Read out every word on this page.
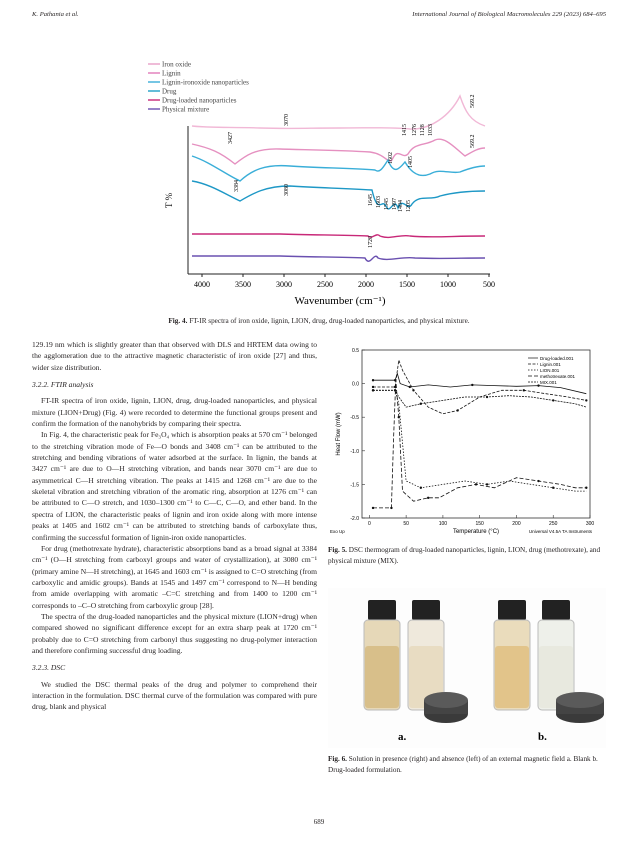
K. Pathania et al.	International Journal of Biological Macromolecules 229 (2023) 684–695
Iron oxide
Lignin
Lignin-ironoxide nanoparticles
Drug
Drug-loaded nanoparticles
Physical mixture
569.2
3427
3070
1415 1276 1128 1033
569.2
1602 1405
3384	3080
1645 1603 1545 1497 1404 1205
1720
4000	3500	3000	2500	2000	1500	1000	500
T %
Wavenumber (cm⁻¹)
Fig. 4. FT-IR spectra of iron oxide, lignin, LION, drug, drug-loaded nanoparticles, and physical mixture.

129.19 nm which is slightly greater than that observed with DLS and HRTEM data owing to the agglomeration due to the attractive magnetic characteristic of iron oxide [27] and thus, wider size distribution.

3.2.2. FTIR analysis

FT-IR spectra of iron oxide, lignin, LION, drug, drug-loaded nanoparticles, and physical mixture (LION+Drug) (Fig. 4) were recorded to determine the functional groups present and confirm the formation of the nanohybrids by comparing their spectra.

In Fig. 4, the characteristic peak for Fe₃O₄ which is absorption peaks at 570 cm⁻¹ belonged to the stretching vibration mode of Fe—O bonds and 3408 cm⁻¹ can be attributed to the stretching and bending vibrations of water adsorbed at the surface. In lignin, the bands at 3427 cm⁻¹ are due to O—H stretching vibration, and bands near 3070 cm⁻¹ are due to asymmetrical C—H stretching vibration. The peaks at 1415 and 1268 cm⁻¹ are due to the skeletal vibration and stretching vibration of the aromatic ring, absorption at 1276 cm⁻¹ can be attributed to C—O stretch, and 1030–1300 cm⁻¹ to C—C, C—O, and ether band. In the spectra of LION, the characteristic peaks of lignin and iron oxide along with more intense peaks at 1405 and 1602 cm⁻¹ can be attributed to stretching bands of carboxylate thus, confirming the successful formation of lignin-iron oxide nanoparticles.

For drug (methotrexate hydrate), characteristic absorptions band as a broad signal at 3384 cm⁻¹ (O—H stretching from carboxyl groups and water of crystallization), at 3080 cm⁻¹ (primary amine N—H stretching), at 1645 and 1603 cm⁻¹ is assigned to C=O stretching (from carboxylic and amidic groups). Bands at 1545 and 1497 cm⁻¹ correspond to N—H bending from amide overlapping with aromatic –C=C stretching and from 1400 to 1200 cm⁻¹ corresponds to –C–O stretching from carboxylic group [28].

The spectra of the drug-loaded nanoparticles and the physical mixture (LION+drug) when compared showed no significant difference except for an extra sharp peak at 1720 cm⁻¹ probably due to C=O stretching from carbonyl thus suggesting no drug-polymer interaction and therefore confirming successful drug loading.

3.2.3. DSC

We studied the DSC thermal peaks of the drug and polymer to comprehend their interaction in the formulation. DSC thermal curve of the formulation was compared with pure drug, blank and physical

0.5
0.0
-0.5
-1.0
-1.5
-2.0
0	50	100	150	200	250	300
Temperature (°C)
Heat Flow (mW)
Exo Up	Universal V4.5A TA Instruments
Drug-loaded.001
Lignin.001
LION.001
methotrexate.001
MIX.001
Fig. 5. DSC thermogram of drug-loaded nanoparticles, lignin, LION, drug (methotrexate), and physical mixture (MIX).
a.	b.
Fig. 6. Solution in presence (right) and absence (left) of an external magnetic field a. Blank b. Drug-loaded formulation.
689
